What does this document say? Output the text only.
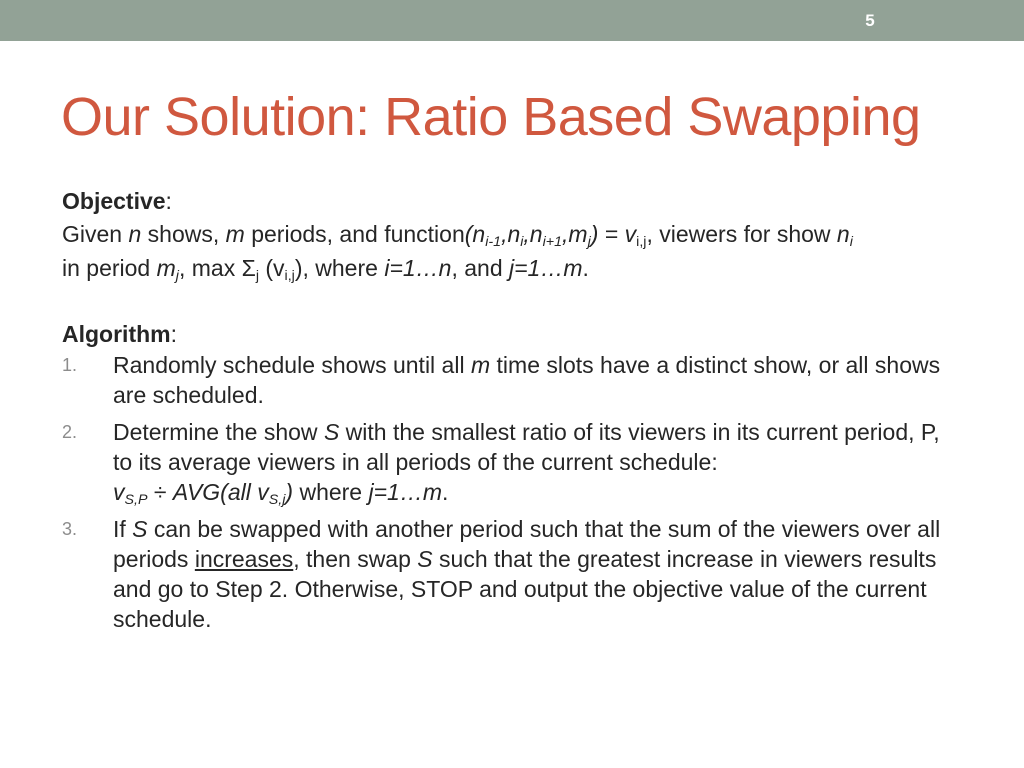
5
Our Solution: Ratio Based Swapping

Objective:

Given n shows, m periods, and $function(n_{i-1},n_i,n_{i+1},m_j) = v_{i,j}$, viewers for show $n_i$

in period $m_j$, $\max \Sigma_j$ $(v_{i,j})$, where i=1…n, and j=1…m.

Algorithm:

1.	Randomly schedule shows until all m time slots have a distinct show, or all shows are scheduled.
2.	Determine the show S with the smallest ratio of its viewers in its current period, P, to its average viewers in all periods of the current schedule:
$v_{S,P} \div AVG(all$ $v_{S,j}$) where j=1…m.
3.	If S can be swapped with another period such that the sum of the viewers over all periods increases, then swap S such that the greatest increase in viewers results and go to Step 2. Otherwise, STOP and output the objective value of the current schedule.
